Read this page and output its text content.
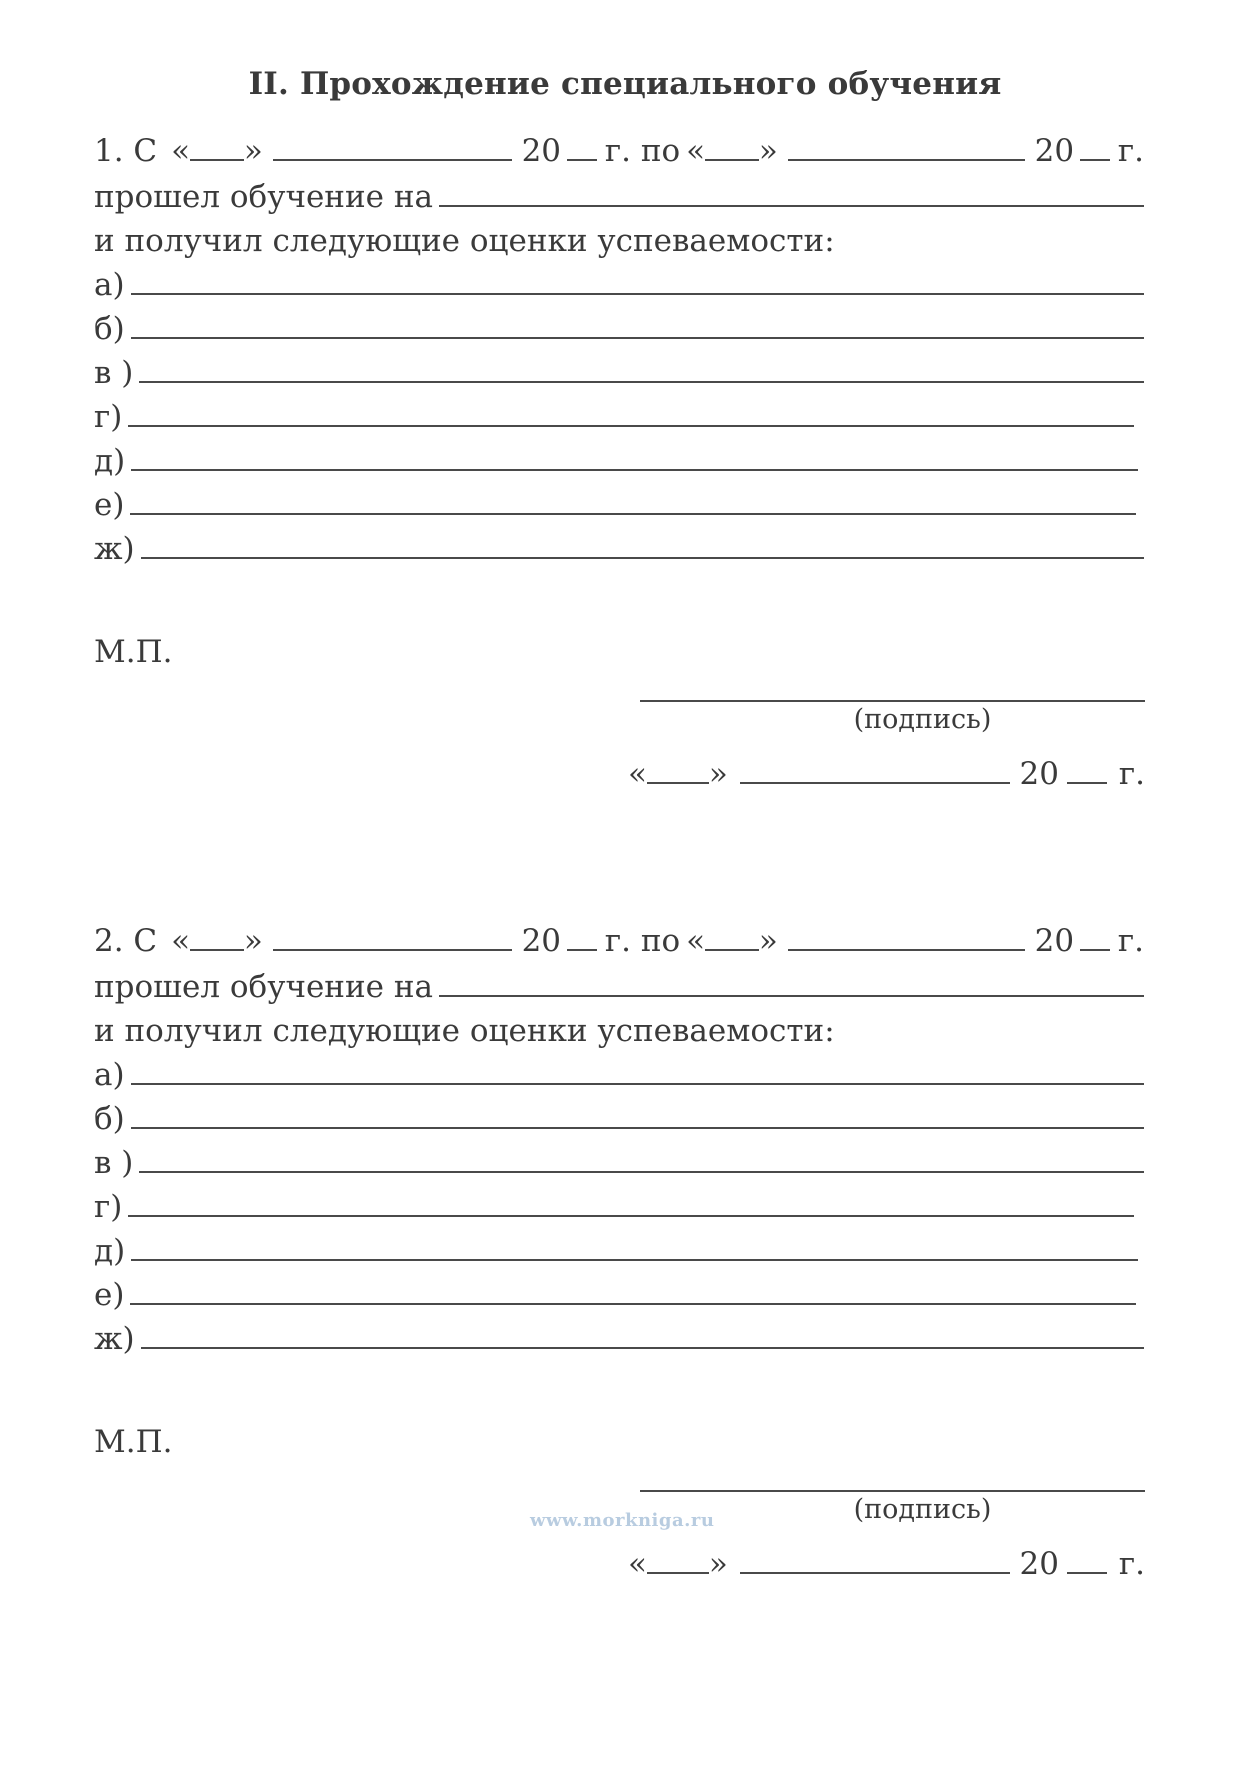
II. Прохождение специального обучения
1. С « »	20 г. по « »	20 г.
прошел обучение на
и получил следующие оценки успеваемости:
а)
б)
в )
г)
д)
е)
ж)
М.П.
(подпись)
« »	20 г.
2. С « »	20 г. по « »	20 г.
прошел обучение на
и получил следующие оценки успеваемости:
а)
б)
в )
г)
д)
е)
ж)
М.П.
(подпись)
« »	20 г.
www.morkniga.ru
